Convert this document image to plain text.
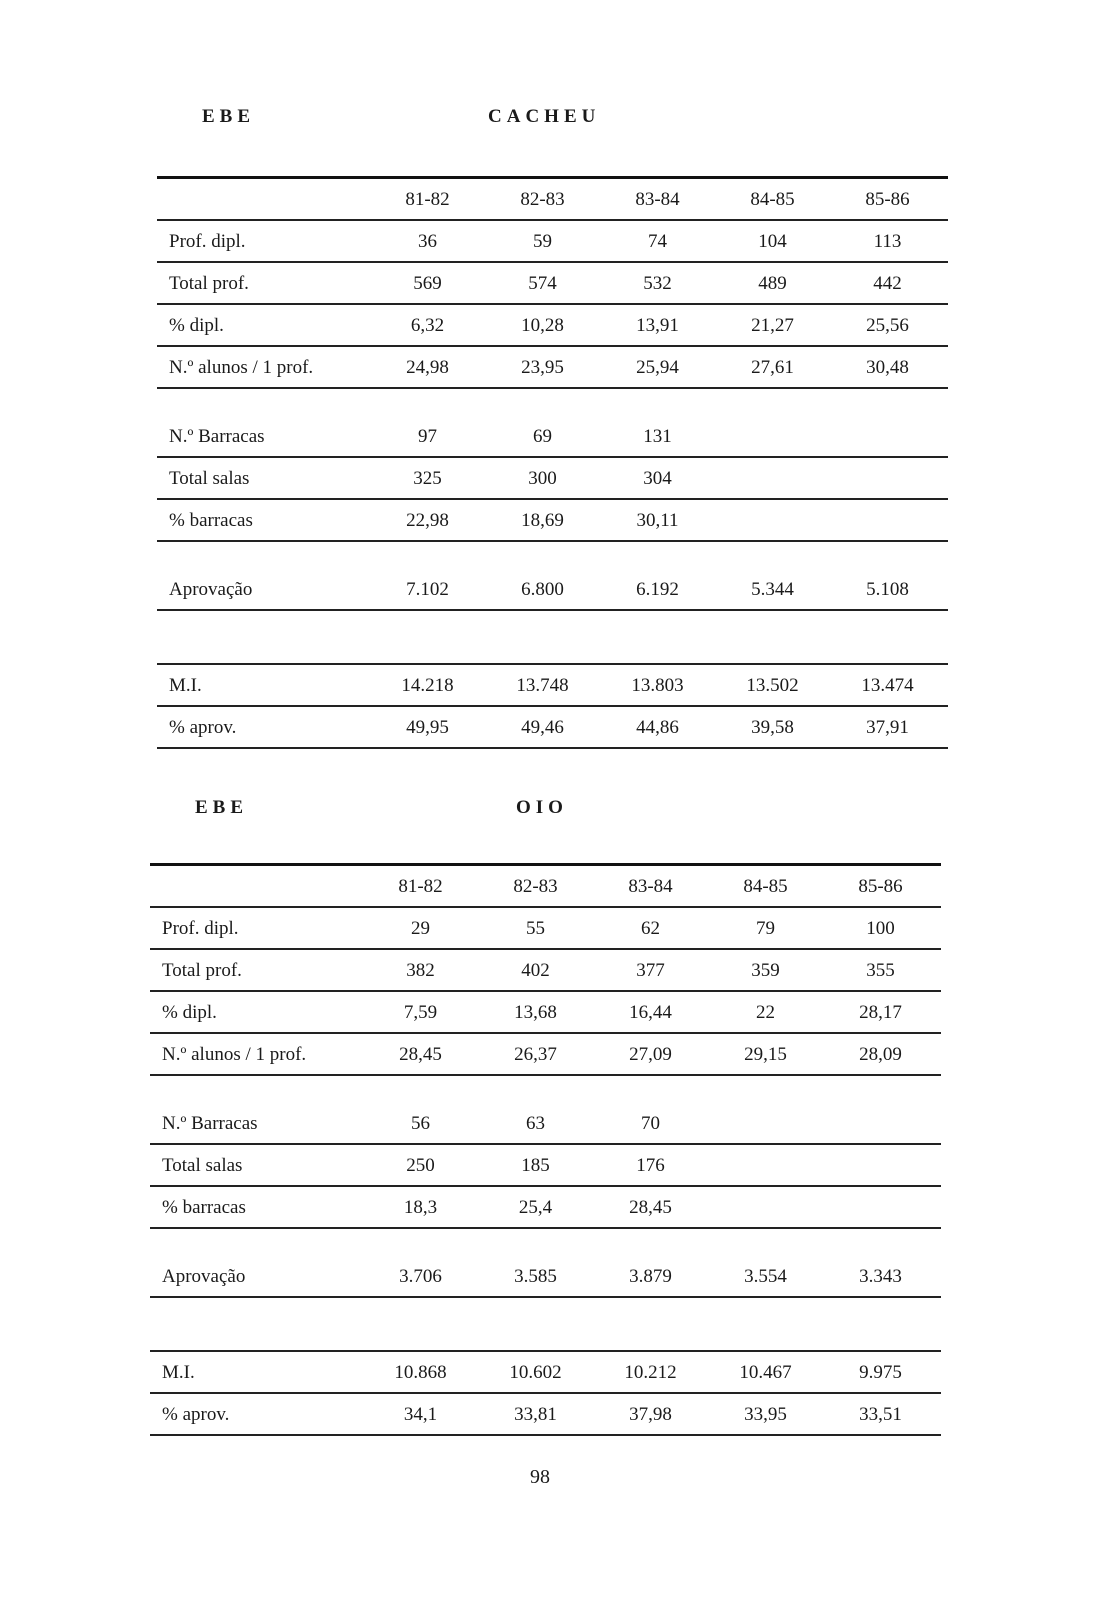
EBE	CACHEU
81-82	82-83	83-84	84-85	85-86
Prof. dipl.	36	59	74	104	113
Total prof.	569	574	532	489	442
% dipl.	6,32	10,28	13,91	21,27	25,56
N.º alunos / 1 prof.	24,98	23,95	25,94	27,61	30,48
N.º Barracas	97	69	131
Total salas	325	300	304
% barracas	22,98	18,69	30,11
Aprovação	7.102	6.800	6.192	5.344	5.108
M.I.	14.218	13.748	13.803	13.502	13.474
% aprov.	49,95	49,46	44,86	39,58	37,91
EBE	OIO
81-82	82-83	83-84	84-85	85-86
Prof. dipl.	29	55	62	79	100
Total prof.	382	402	377	359	355
% dipl.	7,59	13,68	16,44	22	28,17
N.º alunos / 1 prof.	28,45	26,37	27,09	29,15	28,09
N.º Barracas	56	63	70
Total salas	250	185	176
% barracas	18,3	25,4	28,45
Aprovação	3.706	3.585	3.879	3.554	3.343
M.I.	10.868	10.602	10.212	10.467	9.975
% aprov.	34,1	33,81	37,98	33,95	33,51
98
